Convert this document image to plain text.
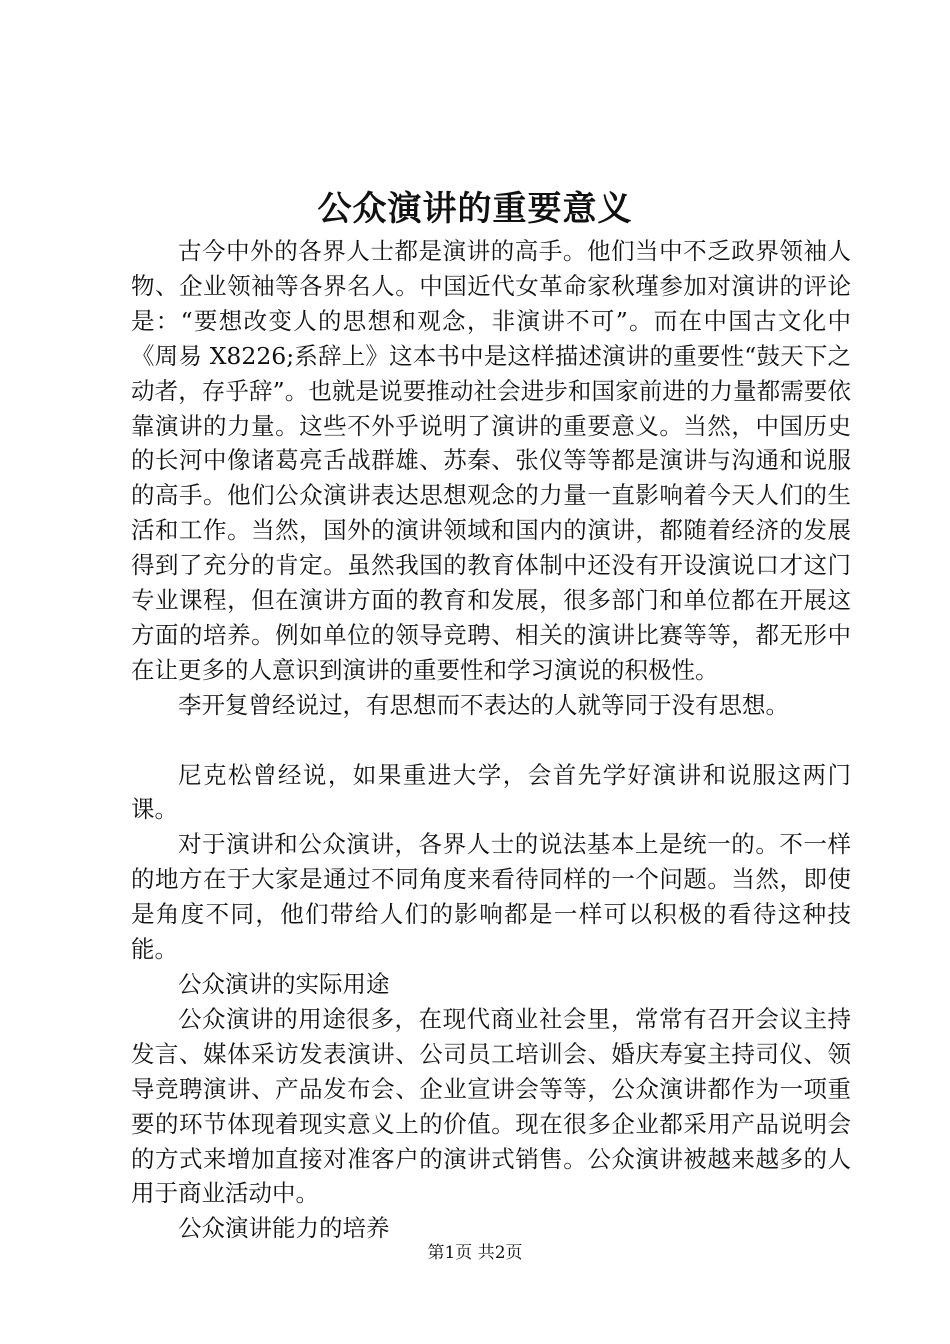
公众演讲的重要意义

古今中外的各界人士都是演讲的高手。他们当中不乏政界领袖人物、企业领袖等各界名人。中国近代女革命家秋瑾参加对演讲的评论是：“要想改变人的思想和观念，非演讲不可”。而在中国古文化中《周易 X8226;系辞上》这本书中是这样描述演讲的重要性“鼓天下之动者，存乎辞”。也就是说要推动社会进步和国家前进的力量都需要依靠演讲的力量。这些不外乎说明了演讲的重要意义。当然，中国历史的长河中像诸葛亮舌战群雄、苏秦、张仪等等都是演讲与沟通和说服的高手。他们公众演讲表达思想观念的力量一直影响着今天人们的生活和工作。当然，国外的演讲领域和国内的演讲，都随着经济的发展得到了充分的肯定。虽然我国的教育体制中还没有开设演说口才这门专业课程，但在演讲方面的教育和发展，很多部门和单位都在开展这方面的培养。例如单位的领导竞聘、相关的演讲比赛等等，都无形中在让更多的人意识到演讲的重要性和学习演说的积极性。

李开复曾经说过，有思想而不表达的人就等同于没有思想。

尼克松曾经说，如果重进大学，会首先学好演讲和说服这两门课。

对于演讲和公众演讲，各界人士的说法基本上是统一的。不一样的地方在于大家是通过不同角度来看待同样的一个问题。当然，即使是角度不同，他们带给人们的影响都是一样可以积极的看待这种技能。

公众演讲的实际用途

公众演讲的用途很多，在现代商业社会里，常常有召开会议主持发言、媒体采访发表演讲、公司员工培训会、婚庆寿宴主持司仪、领导竞聘演讲、产品发布会、企业宣讲会等等，公众演讲都作为一项重要的环节体现着现实意义上的价值。现在很多企业都采用产品说明会的方式来增加直接对准客户的演讲式销售。公众演讲被越来越多的人用于商业活动中。

公众演讲能力的培养

第1页 共2页
